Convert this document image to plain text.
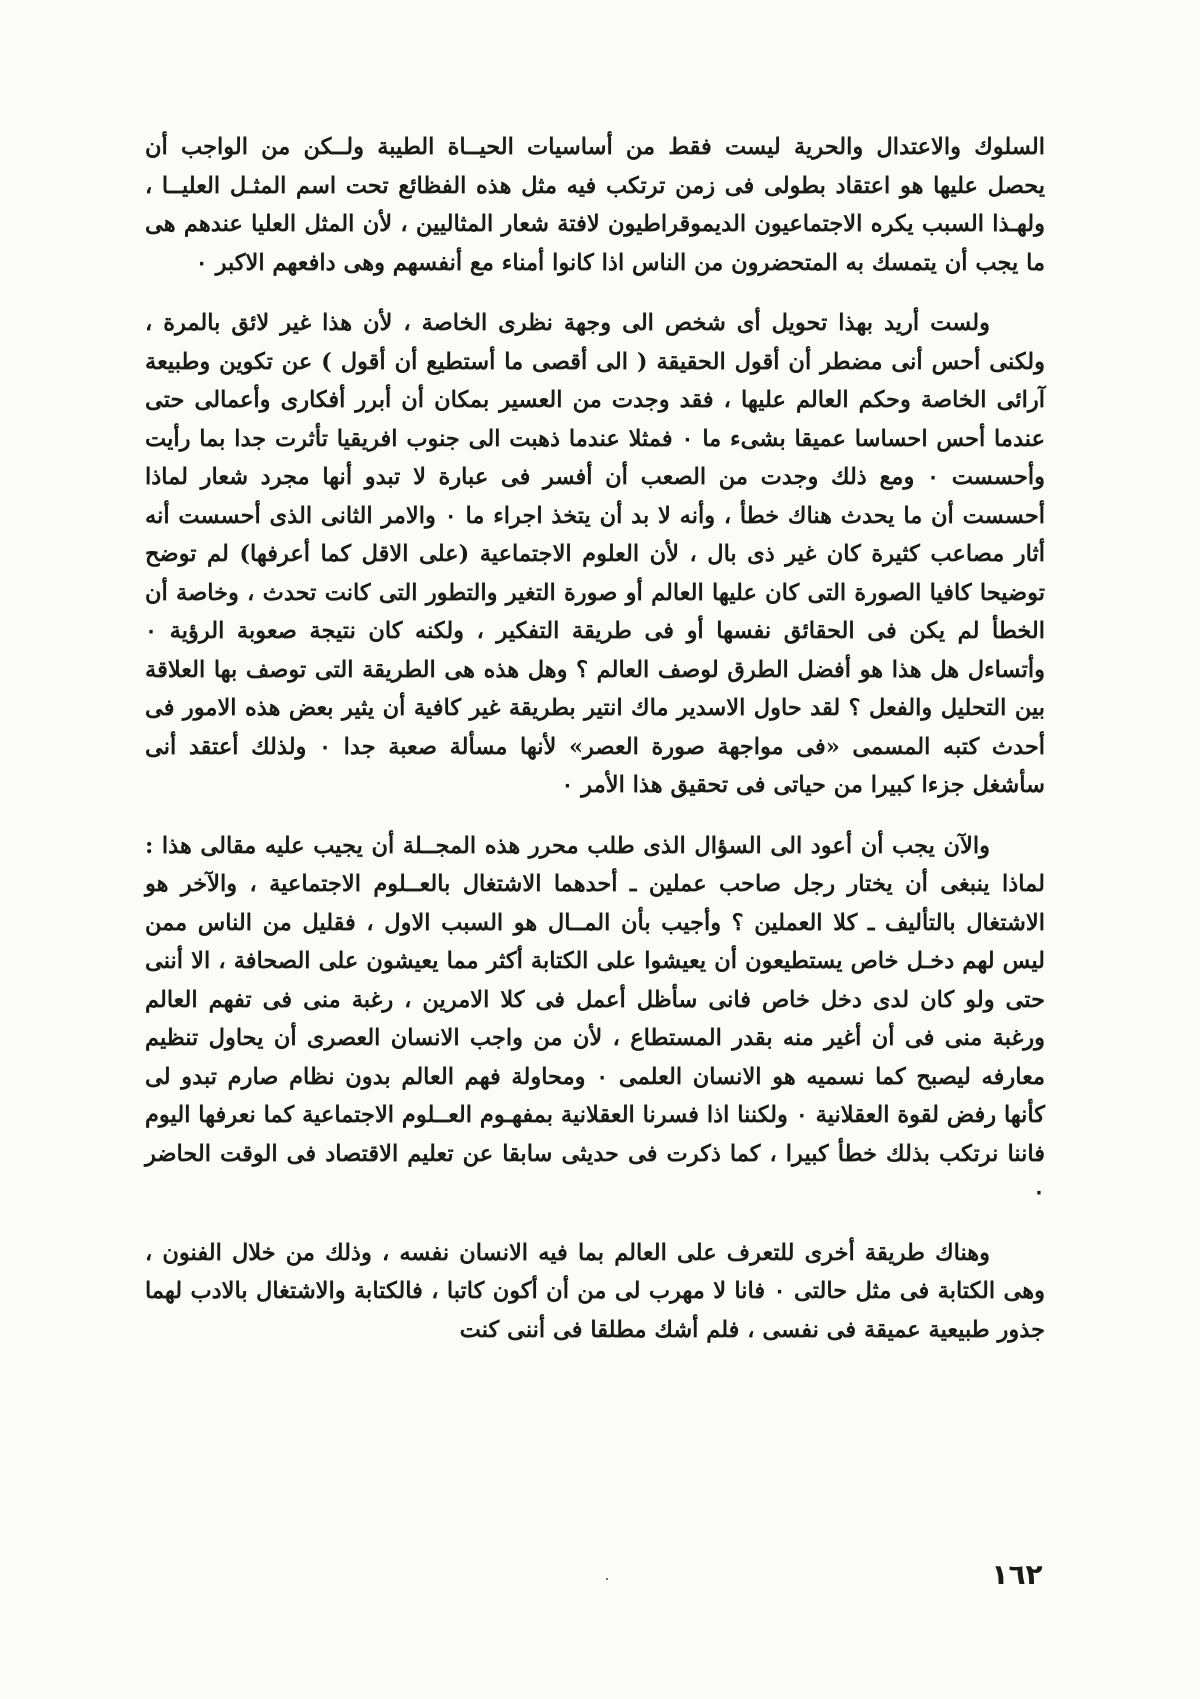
السلوك والاعتدال والحرية ليست فقط من أساسيات الحيــاة الطيبة ولــكن من الواجب أن يحصل عليها هو اعتقاد بطولى فى زمن ترتكب فيه مثل هذه الفظائع تحت اسم المثـل العليــا ، ولهـذا السبب يكره الاجتماعيون الديموقراطيون لافتة شعار المثاليين ، لأن المثل العليا عندهم هى ما يجب أن يتمسك به المتحضرون من الناس اذا كانوا أمناء مع أنفسهم وهى دافعهم الاكبر ٠

ولست أريد بهذا تحويل أى شخص الى وجهة نظرى الخاصة ، لأن هذا غير لائق بالمرة ، ولكنى أحس أنى مضطر أن أقول الحقيقة ( الى أقصى ما أستطيع أن أقول ) عن تكوين وطبيعة آرائى الخاصة وحكم العالم عليها ، فقد وجدت من العسير بمكان أن أبرر أفكارى وأعمالى حتى عندما أحس احساسا عميقا بشىء ما ٠ فمثلا عندما ذهبت الى جنوب افريقيا تأثرت جدا بما رأيت وأحسست ٠ ومع ذلك وجدت من الصعب أن أفسر فى عبارة لا تبدو أنها مجرد شعار لماذا أحسست أن ما يحدث هناك خطأ ، وأنه لا بد أن يتخذ اجراء ما ٠ والامر الثانى الذى أحسست أنه أثار مصاعب كثيرة كان غير ذى بال ، لأن العلوم الاجتماعية (على الاقل كما أعرفها) لم توضح توضيحا كافيا الصورة التى كان عليها العالم أو صورة التغير والتطور التى كانت تحدث ، وخاصة أن الخطأ لم يكن فى الحقائق نفسها أو فى طريقة التفكير ، ولكنه كان نتيجة صعوبة الرؤية ٠ وأتساءل هل هذا هو أفضل الطرق لوصف العالم ؟ وهل هذه هى الطريقة التى توصف بها العلاقة بين التحليل والفعل ؟ لقد حاول الاسدير ماك انتير بطريقة غير كافية أن يثير بعض هذه الامور فى أحدث كتبه المسمى «فى مواجهة صورة العصر» لأنها مسألة صعبة جدا ٠ ولذلك أعتقد أنى سأشغل جزءا كبيرا من حياتى فى تحقيق هذا الأمر ٠

والآن يجب أن أعود الى السؤال الذى طلب محرر هذه المجــلة أن يجيب عليه مقالى هذا : لماذا ينبغى أن يختار رجل صاحب عملين ـ أحدهما الاشتغال بالعــلوم الاجتماعية ، والآخر هو الاشتغال بالتأليف ـ كلا العملين ؟ وأجيب بأن المــال هو السبب الاول ، فقليل من الناس ممن ليس لهم دخـل خاص يستطيعون أن يعيشوا على الكتابة أكثر مما يعيشون على الصحافة ، الا أننى حتى ولو كان لدى دخل خاص فانى سأظل أعمل فى كلا الامرين ، رغبة منى فى تفهم العالم ورغبة منى فى أن أغير منه بقدر المستطاع ، لأن من واجب الانسان العصرى أن يحاول تنظيم معارفه ليصبح كما نسميه هو الانسان العلمى ٠ ومحاولة فهم العالم بدون نظام صارم تبدو لى كأنها رفض لقوة العقلانية ٠ ولكننا اذا فسرنا العقلانية بمفهـوم العــلوم الاجتماعية كما نعرفها اليوم فاننا نرتكب بذلك خطأ كبيرا ، كما ذكرت فى حديثى سابقا عن تعليم الاقتصاد فى الوقت الحاضر ٠

وهناك طريقة أخرى للتعرف على العالم بما فيه الانسان نفسه ، وذلك من خلال الفنون ، وهى الكتابة فى مثل حالتى ٠ فانا لا مهرب لى من أن أكون كاتبا ، فالكتابة والاشتغال بالادب لهما جذور طبيعية عميقة فى نفسى ، فلم أشك مطلقا فى أننى كنت

١٦٢
